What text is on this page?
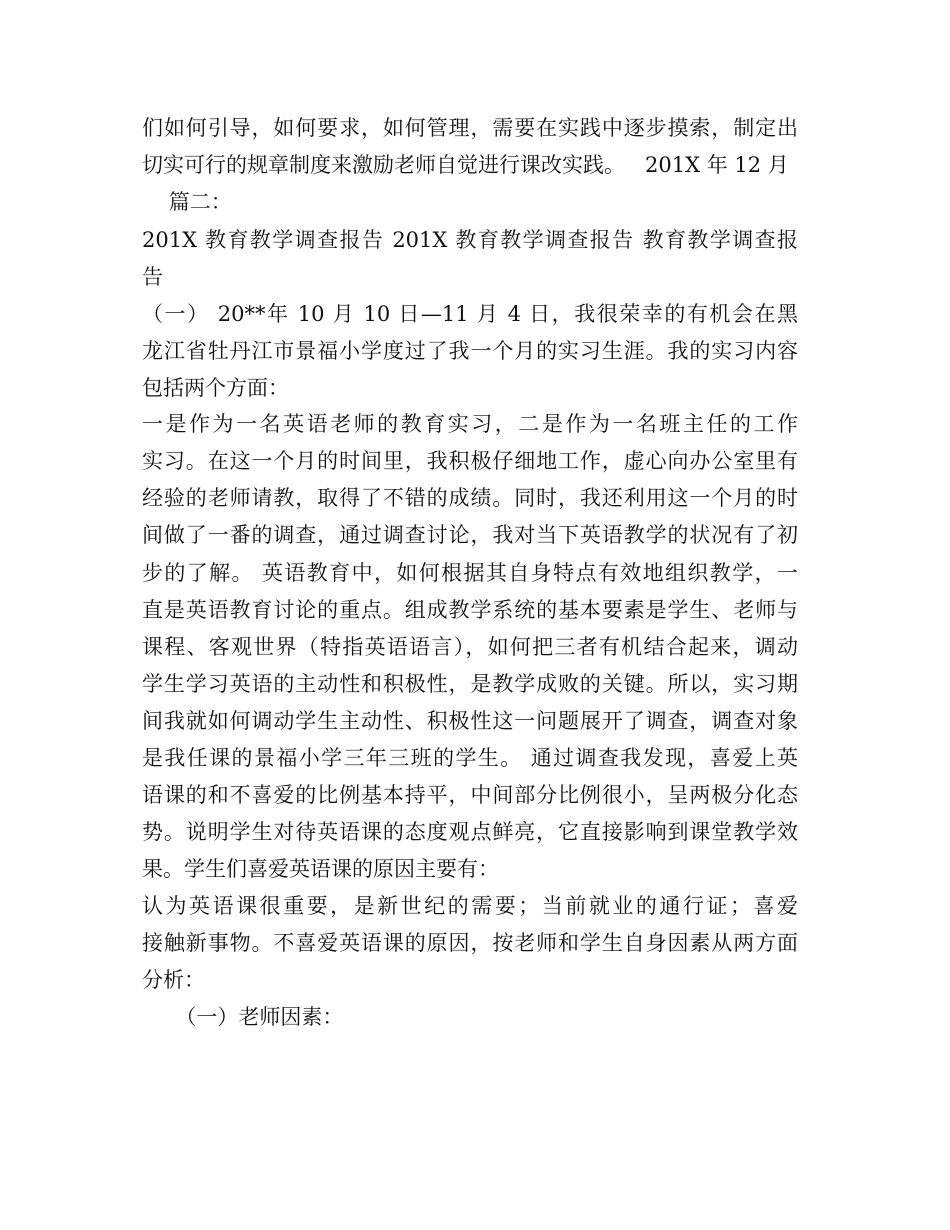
们如何引导，如何要求，如何管理，需要在实践中逐步摸索，制定出

切实可行的规章制度来激励老师自觉进行课改实践。   201X 年 12 月

篇二：

201X 教育教学调查报告 201X 教育教学调查报告 教育教学调查报

告

（一） 20**年 10 月 10 日—11 月 4 日，我很荣幸的有机会在黑

龙江省牡丹江市景福小学度过了我一个月的实习生涯。我的实习内容

包括两个方面：

一是作为一名英语老师的教育实习，二是作为一名班主任的工作

实习。在这一个月的时间里，我积极仔细地工作，虚心向办公室里有

经验的老师请教，取得了不错的成绩。同时，我还利用这一个月的时

间做了一番的调查，通过调查讨论，我对当下英语教学的状况有了初

步的了解。 英语教育中，如何根据其自身特点有效地组织教学，一

直是英语教育讨论的重点。组成教学系统的基本要素是学生、老师与

课程、客观世界（特指英语语言），如何把三者有机结合起来，调动

学生学习英语的主动性和积极性，是教学成败的关键。所以，实习期

间我就如何调动学生主动性、积极性这一问题展开了调查，调查对象

是我任课的景福小学三年三班的学生。 通过调查我发现，喜爱上英

语课的和不喜爱的比例基本持平，中间部分比例很小，呈两极分化态

势。说明学生对待英语课的态度观点鲜亮，它直接影响到课堂教学效

果。学生们喜爱英语课的原因主要有：

认为英语课很重要，是新世纪的需要；当前就业的通行证；喜爱

接触新事物。不喜爱英语课的原因，按老师和学生自身因素从两方面

分析：

（一）老师因素：
